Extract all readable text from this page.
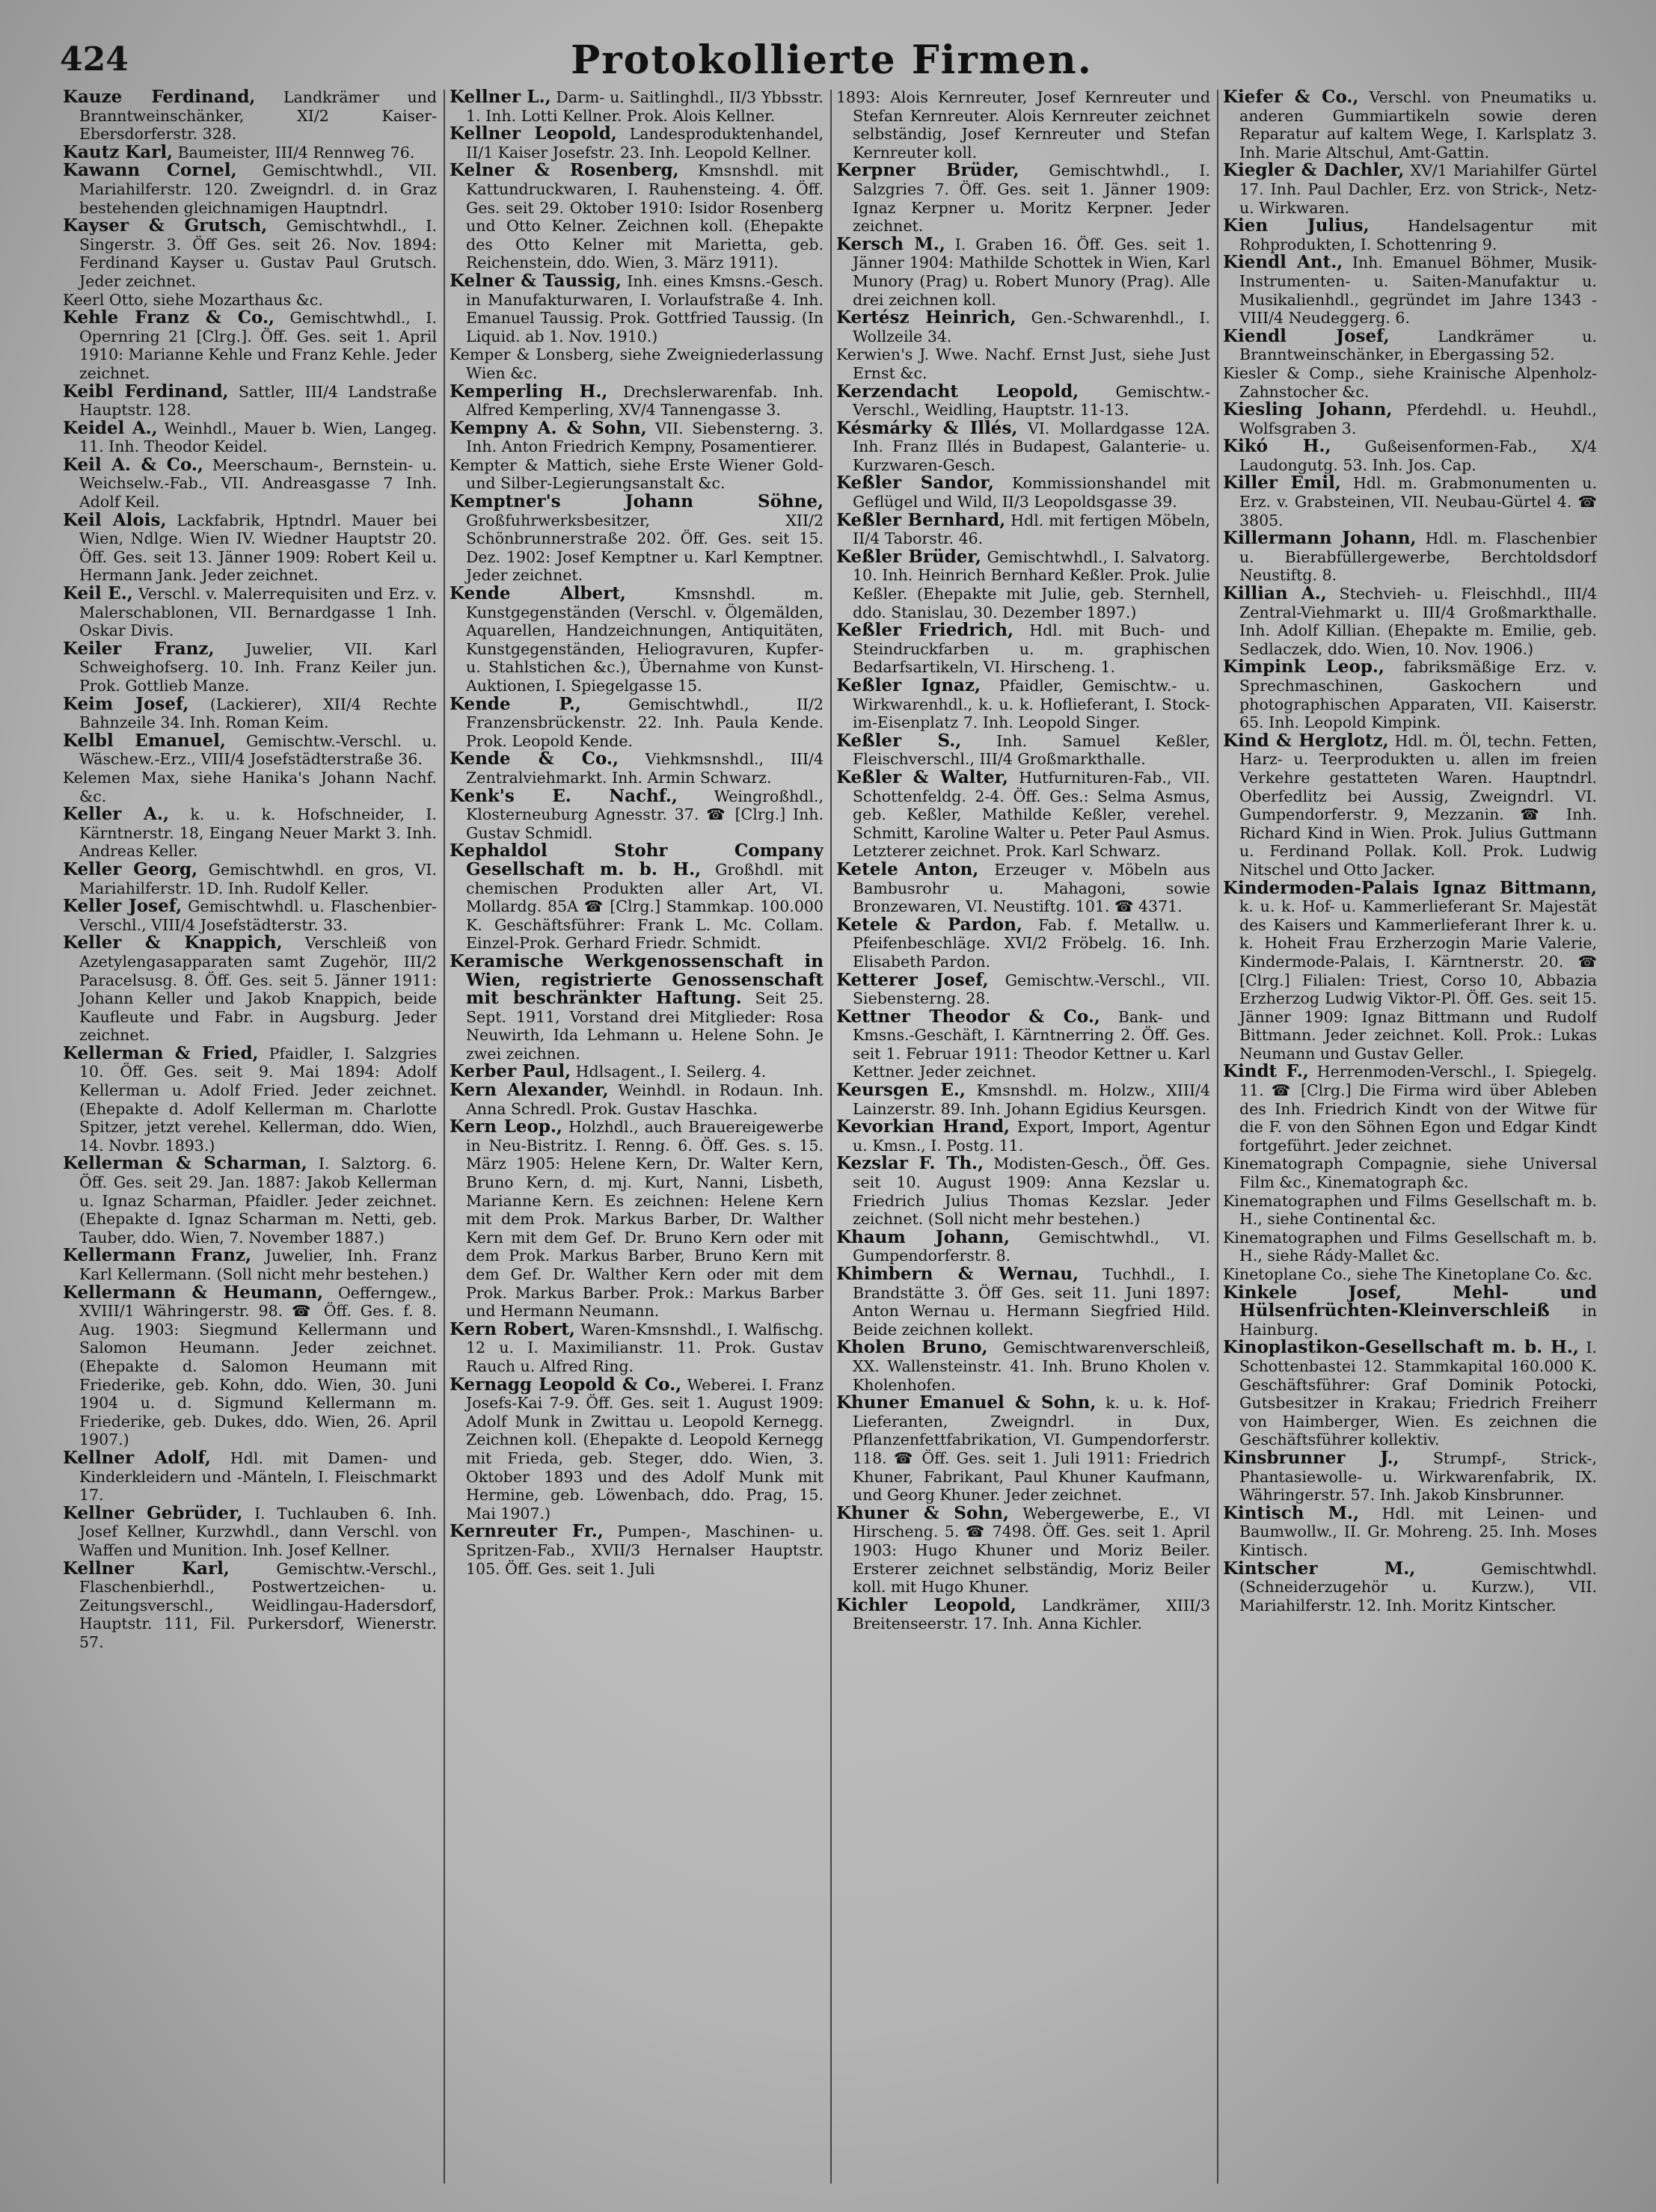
424	Protokollierte Firmen.

Kauze Ferdinand, Landkrämer und Branntweinschänker, XI/2 Kaiser-Ebersdorferstr. 328.

Kautz Karl, Baumeister, III/4 Rennweg 76.

Kawann Cornel, Gemischtwhdl., VII. Mariahilferstr. 120. Zweigndrl. d. in Graz bestehenden gleichnamigen Hauptndrl.

Kayser & Grutsch, Gemischtwhdl., I. Singerstr. 3. Öff Ges. seit 26. Nov. 1894: Ferdinand Kayser u. Gustav Paul Grutsch. Jeder zeichnet.

Keerl Otto, siehe Mozarthaus &c.

Kehle Franz & Co., Gemischtwhdl., I. Opernring 21 [Clrg.]. Öff. Ges. seit 1. April 1910: Marianne Kehle und Franz Kehle. Jeder zeichnet.

Keibl Ferdinand, Sattler, III/4 Landstraße Hauptstr. 128.

Keidel A., Weinhdl., Mauer b. Wien, Langeg. 11. Inh. Theodor Keidel.

Keil A. & Co., Meerschaum-, Bernstein- u. Weichselw.-Fab., VII. Andreasgasse 7 Inh. Adolf Keil.

Keil Alois, Lackfabrik, Hptndrl. Mauer bei Wien, Ndlge. Wien IV. Wiedner Hauptstr 20. Öff. Ges. seit 13. Jänner 1909: Robert Keil u. Hermann Jank. Jeder zeichnet.

Keil E., Verschl. v. Malerrequisiten und Erz. v. Malerschablonen, VII. Bernardgasse 1 Inh. Oskar Divis.

Keiler Franz, Juwelier, VII. Karl Schweighofserg. 10. Inh. Franz Keiler jun. Prok. Gottlieb Manze.

Keim Josef, (Lackierer), XII/4 Rechte Bahnzeile 34. Inh. Roman Keim.

Kelbl Emanuel, Gemischtw.-Verschl. u. Wäschew.-Erz., VIII/4 Josefstädterstraße 36.

Kelemen Max, siehe Hanika's Johann Nachf. &c.

Keller A., k. u. k. Hofschneider, I. Kärntnerstr. 18, Eingang Neuer Markt 3. Inh. Andreas Keller.

Keller Georg, Gemischtwhdl. en gros, VI. Mariahilferstr. 1D. Inh. Rudolf Keller.

Keller Josef, Gemischtwhdl. u. Flaschenbier-Verschl., VIII/4 Josefstädterstr. 33.

Keller & Knappich, Verschleiß von Azetylengasapparaten samt Zugehör, III/2 Paracelsusg. 8. Öff. Ges. seit 5. Jänner 1911: Johann Keller und Jakob Knappich, beide Kaufleute und Fabr. in Augsburg. Jeder zeichnet.

Kellerman & Fried, Pfaidler, I. Salzgries 10. Öff. Ges. seit 9. Mai 1894: Adolf Kellerman u. Adolf Fried. Jeder zeichnet. (Ehepakte d. Adolf Kellerman m. Charlotte Spitzer, jetzt verehel. Kellerman, ddo. Wien, 14. Novbr. 1893.)

Kellerman & Scharman, I. Salztorg. 6. Öff. Ges. seit 29. Jan. 1887: Jakob Kellerman u. Ignaz Scharman, Pfaidler. Jeder zeichnet. (Ehepakte d. Ignaz Scharman m. Netti, geb. Tauber, ddo. Wien, 7. November 1887.)

Kellermann Franz, Juwelier, Inh. Franz Karl Kellermann. (Soll nicht mehr bestehen.)

Kellermann & Heumann, Oefferngew., XVIII/1 Währingerstr. 98. ☎ Öff. Ges. f. 8. Aug. 1903: Siegmund Kellermann und Salomon Heumann. Jeder zeichnet. (Ehepakte d. Salomon Heumann mit Friederike, geb. Kohn, ddo. Wien, 30. Juni 1904 u. d. Sigmund Kellermann m. Friederike, geb. Dukes, ddo. Wien, 26. April 1907.)

Kellner Adolf, Hdl. mit Damen- und Kinderkleidern und -Mänteln, I. Fleischmarkt 17.

Kellner Gebrüder, I. Tuchlauben 6. Inh. Josef Kellner, Kurzwhdl., dann Verschl. von Waffen und Munition. Inh. Josef Kellner.

Kellner Karl, Gemischtw.-Verschl., Flaschenbierhdl., Postwertzeichen- u. Zeitungsverschl., Weidlingau-Hadersdorf, Hauptstr. 111, Fil. Purkersdorf, Wienerstr. 57.

Kellner L., Darm- u. Saitlinghdl., II/3 Ybbsstr. 1. Inh. Lotti Kellner. Prok. Alois Kellner.

Kellner Leopold, Landesproduktenhandel, II/1 Kaiser Josefstr. 23. Inh. Leopold Kellner.

Kelner & Rosenberg, Kmsnshdl. mit Kattundruckwaren, I. Rauhensteing. 4. Öff. Ges. seit 29. Oktober 1910: Isidor Rosenberg und Otto Kelner. Zeichnen koll. (Ehepakte des Otto Kelner mit Marietta, geb. Reichenstein, ddo. Wien, 3. März 1911).

Kelner & Taussig, Inh. eines Kmsns.-Gesch. in Manufakturwaren, I. Vorlaufstraße 4. Inh. Emanuel Taussig. Prok. Gottfried Taussig. (In Liquid. ab 1. Nov. 1910.)

Kemper & Lonsberg, siehe Zweigniederlassung Wien &c.

Kemperling H., Drechslerwarenfab. Inh. Alfred Kemperling, XV/4 Tannengasse 3.

Kempny A. & Sohn, VII. Siebensterng. 3. Inh. Anton Friedrich Kempny, Posamentierer.

Kempter & Mattich, siehe Erste Wiener Gold- und Silber-Legierungsanstalt &c.

Kemptner's Johann Söhne, Großfuhrwerksbesitzer, XII/2 Schönbrunnerstraße 202. Öff. Ges. seit 15. Dez. 1902: Josef Kemptner u. Karl Kemptner. Jeder zeichnet.

Kende Albert, Kmsnshdl. m. Kunstgegenständen (Verschl. v. Ölgemälden, Aquarellen, Handzeichnungen, Antiquitäten, Kunstgegenständen, Heliogravuren, Kupfer- u. Stahlstichen &c.), Übernahme von Kunst-Auktionen, I. Spiegelgasse 15.

Kende P., Gemischtwhdl., II/2 Franzensbrückenstr. 22. Inh. Paula Kende. Prok. Leopold Kende.

Kende & Co., Viehkmsnshdl., III/4 Zentralviehmarkt. Inh. Armin Schwarz.

Kenk's E. Nachf., Weingroßhdl., Klosterneuburg Agnesstr. 37. ☎ [Clrg.] Inh. Gustav Schmidl.

Kephaldol Stohr Company Gesellschaft m. b. H., Großhdl. mit chemischen Produkten aller Art, VI. Mollardg. 85A ☎ [Clrg.] Stammkap. 100.000 K. Geschäftsführer: Frank L. Mc. Collam. Einzel-Prok. Gerhard Friedr. Schmidt.

Keramische Werkgenossenschaft in Wien, registrierte Genossenschaft mit beschränkter Haftung. Seit 25. Sept. 1911, Vorstand drei Mitglieder: Rosa Neuwirth, Ida Lehmann u. Helene Sohn. Je zwei zeichnen.

Kerber Paul, Hdlsagent., I. Seilerg. 4.

Kern Alexander, Weinhdl. in Rodaun. Inh. Anna Schredl. Prok. Gustav Haschka.

Kern Leop., Holzhdl., auch Brauereigewerbe in Neu-Bistritz. I. Renng. 6. Öff. Ges. s. 15. März 1905: Helene Kern, Dr. Walter Kern, Bruno Kern, d. mj. Kurt, Nanni, Lisbeth, Marianne Kern. Es zeichnen: Helene Kern mit dem Prok. Markus Barber, Dr. Walther Kern mit dem Gef. Dr. Bruno Kern oder mit dem Prok. Markus Barber, Bruno Kern mit dem Gef. Dr. Walther Kern oder mit dem Prok. Markus Barber. Prok.: Markus Barber und Hermann Neumann.

Kern Robert, Waren-Kmsnshdl., I. Walfischg. 12 u. I. Maximilianstr. 11. Prok. Gustav Rauch u. Alfred Ring.

Kernagg Leopold & Co., Weberei. I. Franz Josefs-Kai 7-9. Öff. Ges. seit 1. August 1909: Adolf Munk in Zwittau u. Leopold Kernegg. Zeichnen koll. (Ehepakte d. Leopold Kernegg mit Frieda, geb. Steger, ddo. Wien, 3. Oktober 1893 und des Adolf Munk mit Hermine, geb. Löwenbach, ddo. Prag, 15. Mai 1907.)

Kernreuter Fr., Pumpen-, Maschinen- u. Spritzen-Fab., XVII/3 Hernalser Hauptstr. 105. Öff. Ges. seit 1. Juli

1893: Alois Kernreuter, Josef Kernreuter und Stefan Kernreuter. Alois Kernreuter zeichnet selbständig, Josef Kernreuter und Stefan Kernreuter koll.

Kerpner Brüder, Gemischtwhdl., I. Salzgries 7. Öff. Ges. seit 1. Jänner 1909: Ignaz Kerpner u. Moritz Kerpner. Jeder zeichnet.

Kersch M., I. Graben 16. Öff. Ges. seit 1. Jänner 1904: Mathilde Schottek in Wien, Karl Munory (Prag) u. Robert Munory (Prag). Alle drei zeichnen koll.

Kertész Heinrich, Gen.-Schwarenhdl., I. Wollzeile 34.

Kerwien's J. Wwe. Nachf. Ernst Just, siehe Just Ernst &c.

Kerzendacht Leopold, Gemischtw.-Verschl., Weidling, Hauptstr. 11-13.

Késmárky & Illés, VI. Mollardgasse 12A. Inh. Franz Illés in Budapest, Galanterie- u. Kurzwaren-Gesch.

Keßler Sandor, Kommissionshandel mit Geflügel und Wild, II/3 Leopoldsgasse 39.

Keßler Bernhard, Hdl. mit fertigen Möbeln, II/4 Taborstr. 46.

Keßler Brüder, Gemischtwhdl., I. Salvatorg. 10. Inh. Heinrich Bernhard Keßler. Prok. Julie Keßler. (Ehepakte mit Julie, geb. Sternhell, ddo. Stanislau, 30. Dezember 1897.)

Keßler Friedrich, Hdl. mit Buch- und Steindruckfarben u. m. graphischen Bedarfsartikeln, VI. Hirscheng. 1.

Keßler Ignaz, Pfaidler, Gemischtw.- u. Wirkwarenhdl., k. u. k. Hoflieferant, I. Stock-im-Eisenplatz 7. Inh. Leopold Singer.

Keßler S., Inh. Samuel Keßler, Fleischverschl., III/4 Großmarkthalle.

Keßler & Walter, Hutfurnituren-Fab., VII. Schottenfeldg. 2-4. Öff. Ges.: Selma Asmus, geb. Keßler, Mathilde Keßler, verehel. Schmitt, Karoline Walter u. Peter Paul Asmus. Letzterer zeichnet. Prok. Karl Schwarz.

Ketele Anton, Erzeuger v. Möbeln aus Bambusrohr u. Mahagoni, sowie Bronzewaren, VI. Neustiftg. 101. ☎ 4371.

Ketele & Pardon, Fab. f. Metallw. u. Pfeifenbeschläge. XVI/2 Fröbelg. 16. Inh. Elisabeth Pardon.

Ketterer Josef, Gemischtw.-Verschl., VII. Siebensterng. 28.

Kettner Theodor & Co., Bank- und Kmsns.-Geschäft, I. Kärntnerring 2. Öff. Ges. seit 1. Februar 1911: Theodor Kettner u. Karl Kettner. Jeder zeichnet.

Keursgen E., Kmsnshdl. m. Holzw., XIII/4 Lainzerstr. 89. Inh. Johann Egidius Keursgen.

Kevorkian Hrand, Export, Import, Agentur u. Kmsn., I. Postg. 11.

Kezslar F. Th., Modisten-Gesch., Öff. Ges. seit 10. August 1909: Anna Kezslar u. Friedrich Julius Thomas Kezslar. Jeder zeichnet. (Soll nicht mehr bestehen.)

Khaum Johann, Gemischtwhdl., VI. Gumpendorferstr. 8.

Khimbern & Wernau, Tuchhdl., I. Brandstätte 3. Öff Ges. seit 11. Juni 1897: Anton Wernau u. Hermann Siegfried Hild. Beide zeichnen kollekt.

Kholen Bruno, Gemischtwarenverschleiß, XX. Wallensteinstr. 41. Inh. Bruno Kholen v. Kholenhofen.

Khuner Emanuel & Sohn, k. u. k. Hof-Lieferanten, Zweigndrl. in Dux, Pflanzenfettfabrikation, VI. Gumpendorferstr. 118. ☎ Öff. Ges. seit 1. Juli 1911: Friedrich Khuner, Fabrikant, Paul Khuner Kaufmann, und Georg Khuner. Jeder zeichnet.

Khuner & Sohn, Webergewerbe, E., VI Hirscheng. 5. ☎ 7498. Öff. Ges. seit 1. April 1903: Hugo Khuner und Moriz Beiler. Ersterer zeichnet selbständig, Moriz Beiler koll. mit Hugo Khuner.

Kichler Leopold, Landkrämer, XIII/3 Breitenseerstr. 17. Inh. Anna Kichler.

Kiefer & Co., Verschl. von Pneumatiks u. anderen Gummiartikeln sowie deren Reparatur auf kaltem Wege, I. Karlsplatz 3. Inh. Marie Altschul, Amt-Gattin.

Kiegler & Dachler, XV/1 Mariahilfer Gürtel 17. Inh. Paul Dachler, Erz. von Strick-, Netz- u. Wirkwaren.

Kien Julius, Handelsagentur mit Rohprodukten, I. Schottenring 9.

Kiendl Ant., Inh. Emanuel Böhmer, Musik-Instrumenten- u. Saiten-Manufaktur u. Musikalienhdl., gegründet im Jahre 1343 - VIII/4 Neudeggerg. 6.

Kiendl Josef, Landkrämer u. Branntweinschänker, in Ebergassing 52.

Kiesler & Comp., siehe Krainische Alpenholz-Zahnstocher &c.

Kiesling Johann, Pferdehdl. u. Heuhdl., Wolfsgraben 3.

Kikó H., Gußeisenformen-Fab., X/4 Laudongutg. 53. Inh. Jos. Cap.

Killer Emil, Hdl. m. Grabmonumenten u. Erz. v. Grabsteinen, VII. Neubau-Gürtel 4. ☎ 3805.

Killermann Johann, Hdl. m. Flaschenbier u. Bierabfüllergewerbe, Berchtoldsdorf Neustiftg. 8.

Killian A., Stechvieh- u. Fleischhdl., III/4 Zentral-Viehmarkt u. III/4 Großmarkthalle. Inh. Adolf Killian. (Ehepakte m. Emilie, geb. Sedlaczek, ddo. Wien, 10. Nov. 1906.)

Kimpink Leop., fabriksmäßige Erz. v. Sprechmaschinen, Gaskochern und photographischen Apparaten, VII. Kaiserstr. 65. Inh. Leopold Kimpink.

Kind & Herglotz, Hdl. m. Öl, techn. Fetten, Harz- u. Teerprodukten u. allen im freien Verkehre gestatteten Waren. Hauptndrl. Oberfedlitz bei Aussig, Zweigndrl. VI. Gumpendorferstr. 9, Mezzanin. ☎ Inh. Richard Kind in Wien. Prok. Julius Guttmann u. Ferdinand Pollak. Koll. Prok. Ludwig Nitschel und Otto Jacker.

Kindermoden-Palais Ignaz Bittmann, k. u. k. Hof- u. Kammerlieferant Sr. Majestät des Kaisers und Kammerlieferant Ihrer k. u. k. Hoheit Frau Erzherzogin Marie Valerie, Kindermode-Palais, I. Kärntnerstr. 20. ☎ [Clrg.] Filialen: Triest, Corso 10, Abbazia Erzherzog Ludwig Viktor-Pl. Öff. Ges. seit 15. Jänner 1909: Ignaz Bittmann und Rudolf Bittmann. Jeder zeichnet. Koll. Prok.: Lukas Neumann und Gustav Geller.

Kindt F., Herrenmoden-Verschl., I. Spiegelg. 11. ☎ [Clrg.] Die Firma wird über Ableben des Inh. Friedrich Kindt von der Witwe für die F. von den Söhnen Egon und Edgar Kindt fortgeführt. Jeder zeichnet.

Kinematograph Compagnie, siehe Universal Film &c., Kinematograph &c.

Kinematographen und Films Gesellschaft m. b. H., siehe Continental &c.

Kinematographen und Films Gesellschaft m. b. H., siehe Rády-Mallet &c.

Kinetoplane Co., siehe The Kinetoplane Co. &c.

Kinkele Josef, Mehl- und Hülsenfrüchten-Kleinverschleiß in Hainburg.

Kinoplastikon-Gesellschaft m. b. H., I. Schottenbastei 12. Stammkapital 160.000 K. Geschäftsführer: Graf Dominik Potocki, Gutsbesitzer in Krakau; Friedrich Freiherr von Haimberger, Wien. Es zeichnen die Geschäftsführer kollektiv.

Kinsbrunner J., Strumpf-, Strick-, Phantasiewolle- u. Wirkwarenfabrik, IX. Währingerstr. 57. Inh. Jakob Kinsbrunner.

Kintisch M., Hdl. mit Leinen- und Baumwollw., II. Gr. Mohreng. 25. Inh. Moses Kintisch.

Kintscher M., Gemischtwhdl. (Schneiderzugehör u. Kurzw.), VII. Mariahilferstr. 12. Inh. Moritz Kintscher.
